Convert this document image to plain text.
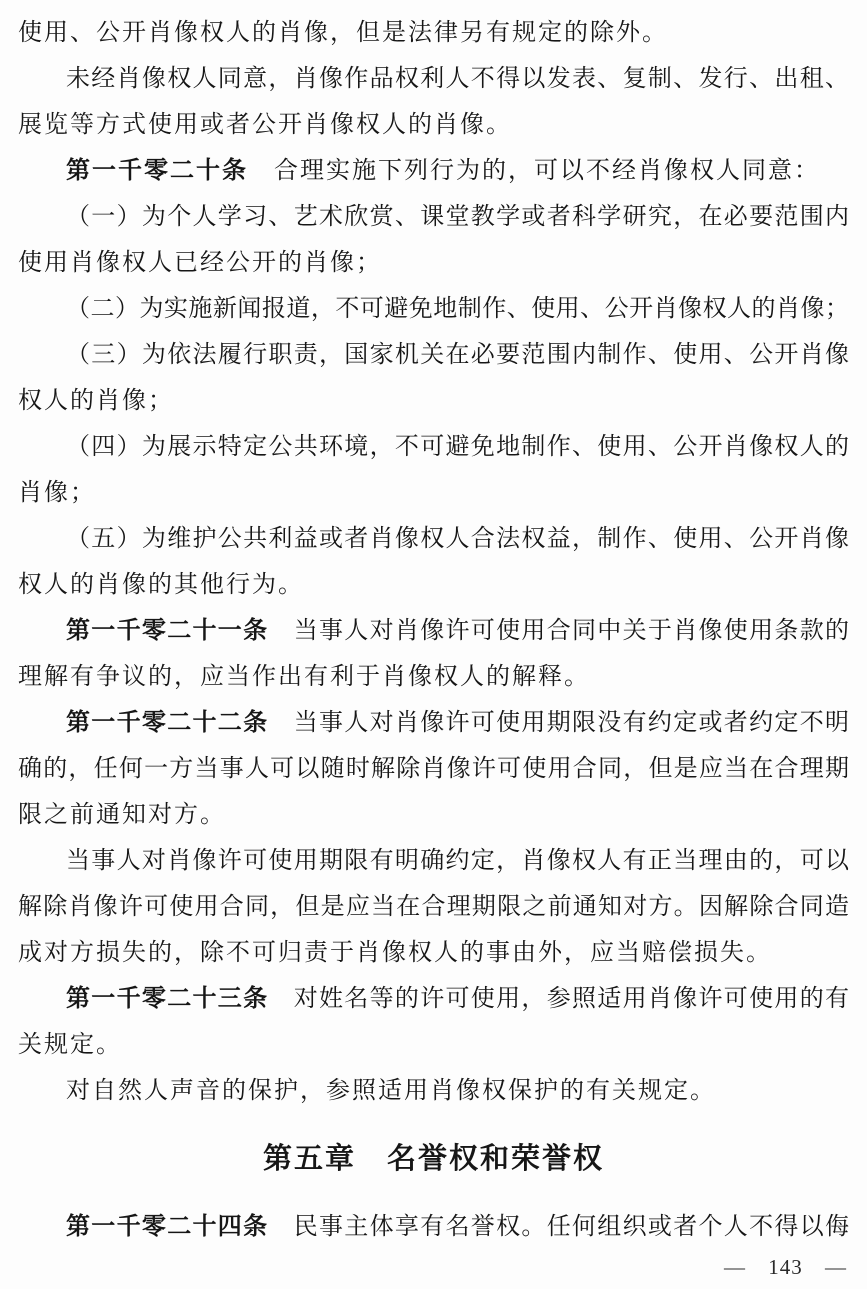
使用、公开肖像权人的肖像，但是法律另有规定的除外。
未经肖像权人同意，肖像作品权利人不得以发表、复制、发行、出租、
展览等方式使用或者公开肖像权人的肖像。
第一千零二十条　合理实施下列行为的，可以不经肖像权人同意：
（一）为个人学习、艺术欣赏、课堂教学或者科学研究，在必要范围内
使用肖像权人已经公开的肖像；
（二）为实施新闻报道，不可避免地制作、使用、公开肖像权人的肖像；
（三）为依法履行职责，国家机关在必要范围内制作、使用、公开肖像
权人的肖像；
（四）为展示特定公共环境，不可避免地制作、使用、公开肖像权人的
肖像；
（五）为维护公共利益或者肖像权人合法权益，制作、使用、公开肖像
权人的肖像的其他行为。
第一千零二十一条　当事人对肖像许可使用合同中关于肖像使用条款的
理解有争议的，应当作出有利于肖像权人的解释。
第一千零二十二条　当事人对肖像许可使用期限没有约定或者约定不明
确的，任何一方当事人可以随时解除肖像许可使用合同，但是应当在合理期
限之前通知对方。
当事人对肖像许可使用期限有明确约定，肖像权人有正当理由的，可以
解除肖像许可使用合同，但是应当在合理期限之前通知对方。因解除合同造
成对方损失的，除不可归责于肖像权人的事由外，应当赔偿损失。
第一千零二十三条　对姓名等的许可使用，参照适用肖像许可使用的有
关规定。
对自然人声音的保护，参照适用肖像权保护的有关规定。
第五章　名誉权和荣誉权
第一千零二十四条　民事主体享有名誉权。任何组织或者个人不得以侮
— 143 —
